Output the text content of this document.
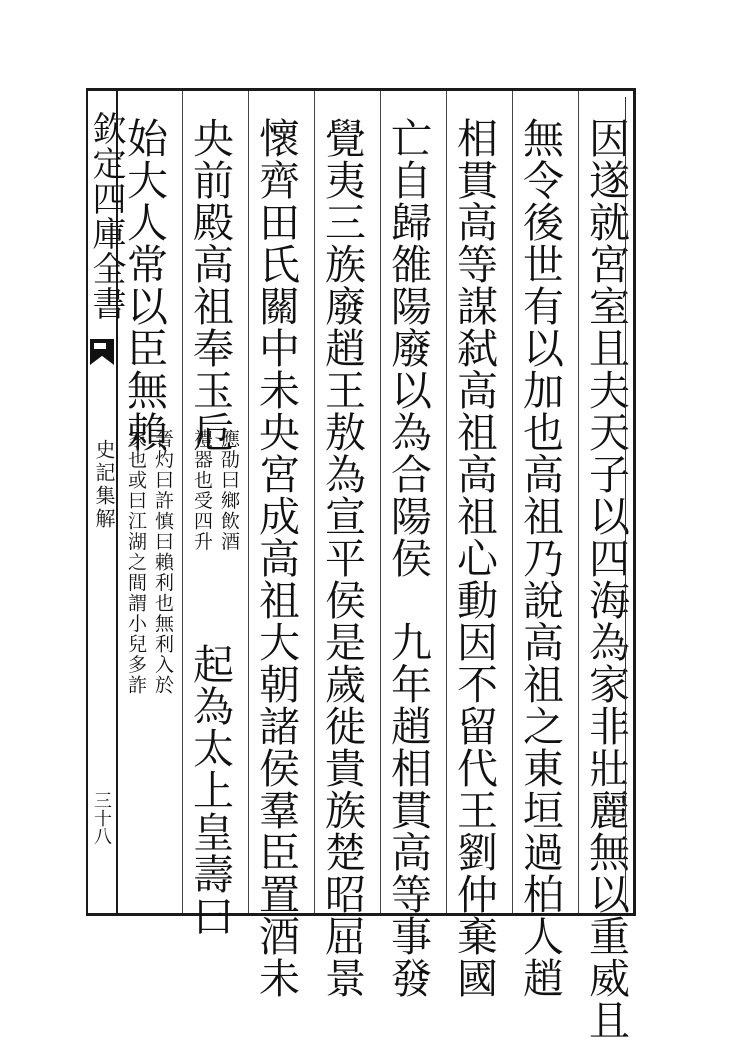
欽定四庫全書
史記集解
三十八	因遂就宮室且夫天子以四海為家非壯麗無以重威且
無令後世有以加也高祖乃說高祖之東垣過柏人趙
相貫高等謀弑高祖高祖心動因不留代王劉仲棄國
亡自歸雒陽廢以為合陽侯　九年趙相貫高等事發
覺夷三族廢趙王敖為宣平侯是歲徙貴族楚昭屈景
懷齊田氏關中未央宮成高祖大朝諸侯羣臣置酒未
央前殿高祖奉玉卮
應劭曰鄉飲酒
禮器也受四升
起為太上皇壽曰
始大人常以臣無賴
晉灼曰許慎曰賴利也無利入於
家也或曰江湖之間謂小兒多詐
